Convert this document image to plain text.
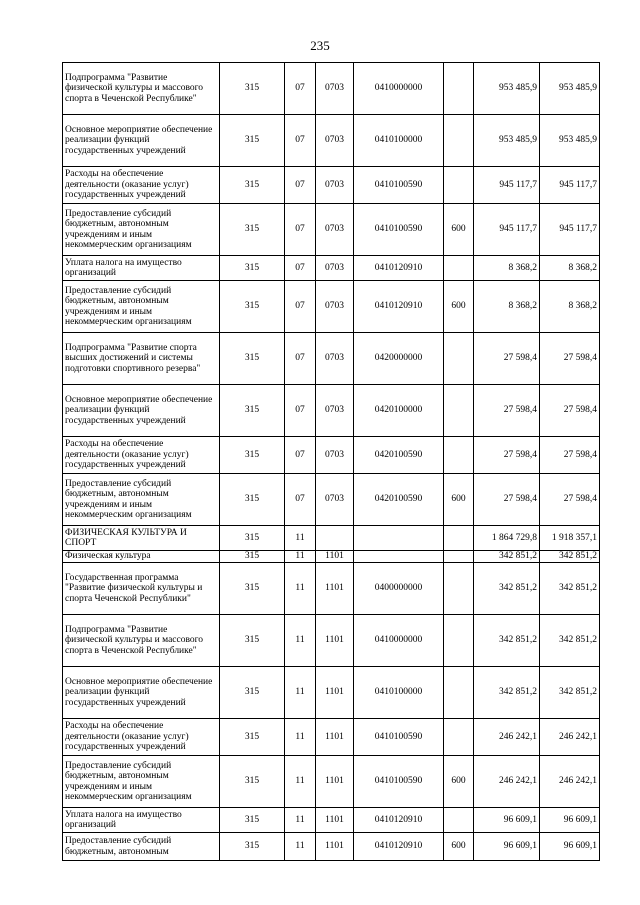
235
Подпрограмма "Развитие физической культуры и массового спорта в Чеченской Республике"	315	07	0703	0410000000		953 485,9	953 485,9
Основное мероприятие обеспечение реализации функций государственных учреждений	315	07	0703	0410100000		953 485,9	953 485,9
Расходы на обеспечение деятельности (оказание услуг) государственных учреждений	315	07	0703	0410100590		945 117,7	945 117,7
Предоставление субсидий бюджетным, автономным учреждениям и иным некоммерческим организациям	315	07	0703	0410100590	600	945 117,7	945 117,7
Уплата налога на имущество организаций	315	07	0703	0410120910		8 368,2	8 368,2
Предоставление субсидий бюджетным, автономным учреждениям и иным некоммерческим организациям	315	07	0703	0410120910	600	8 368,2	8 368,2
Подпрограмма "Развитие спорта высших достижений и системы подготовки спортивного резерва"	315	07	0703	0420000000		27 598,4	27 598,4
Основное мероприятие обеспечение реализации функций государственных учреждений	315	07	0703	0420100000		27 598,4	27 598,4
Расходы на обеспечение деятельности (оказание услуг) государственных учреждений	315	07	0703	0420100590		27 598,4	27 598,4
Предоставление субсидий бюджетным, автономным учреждениям и иным некоммерческим организациям	315	07	0703	0420100590	600	27 598,4	27 598,4
ФИЗИЧЕСКАЯ КУЛЬТУРА И СПОРТ	315	11				1 864 729,8	1 918 357,1
Физическая культура	315	11	1101			342 851,2	342 851,2
Государственная программа "Развитие физической культуры и спорта Чеченской Республики"	315	11	1101	0400000000		342 851,2	342 851,2
Подпрограмма "Развитие физической культуры и массового спорта в Чеченской Республике"	315	11	1101	0410000000		342 851,2	342 851,2
Основное мероприятие обеспечение реализации функций государственных учреждений	315	11	1101	0410100000		342 851,2	342 851,2
Расходы на обеспечение деятельности (оказание услуг) государственных учреждений	315	11	1101	0410100590		246 242,1	246 242,1
Предоставление субсидий бюджетным, автономным учреждениям и иным некоммерческим организациям	315	11	1101	0410100590	600	246 242,1	246 242,1
Уплата налога на имущество организаций	315	11	1101	0410120910		96 609,1	96 609,1
Предоставление субсидий бюджетным, автономным	315	11	1101	0410120910	600	96 609,1	96 609,1
